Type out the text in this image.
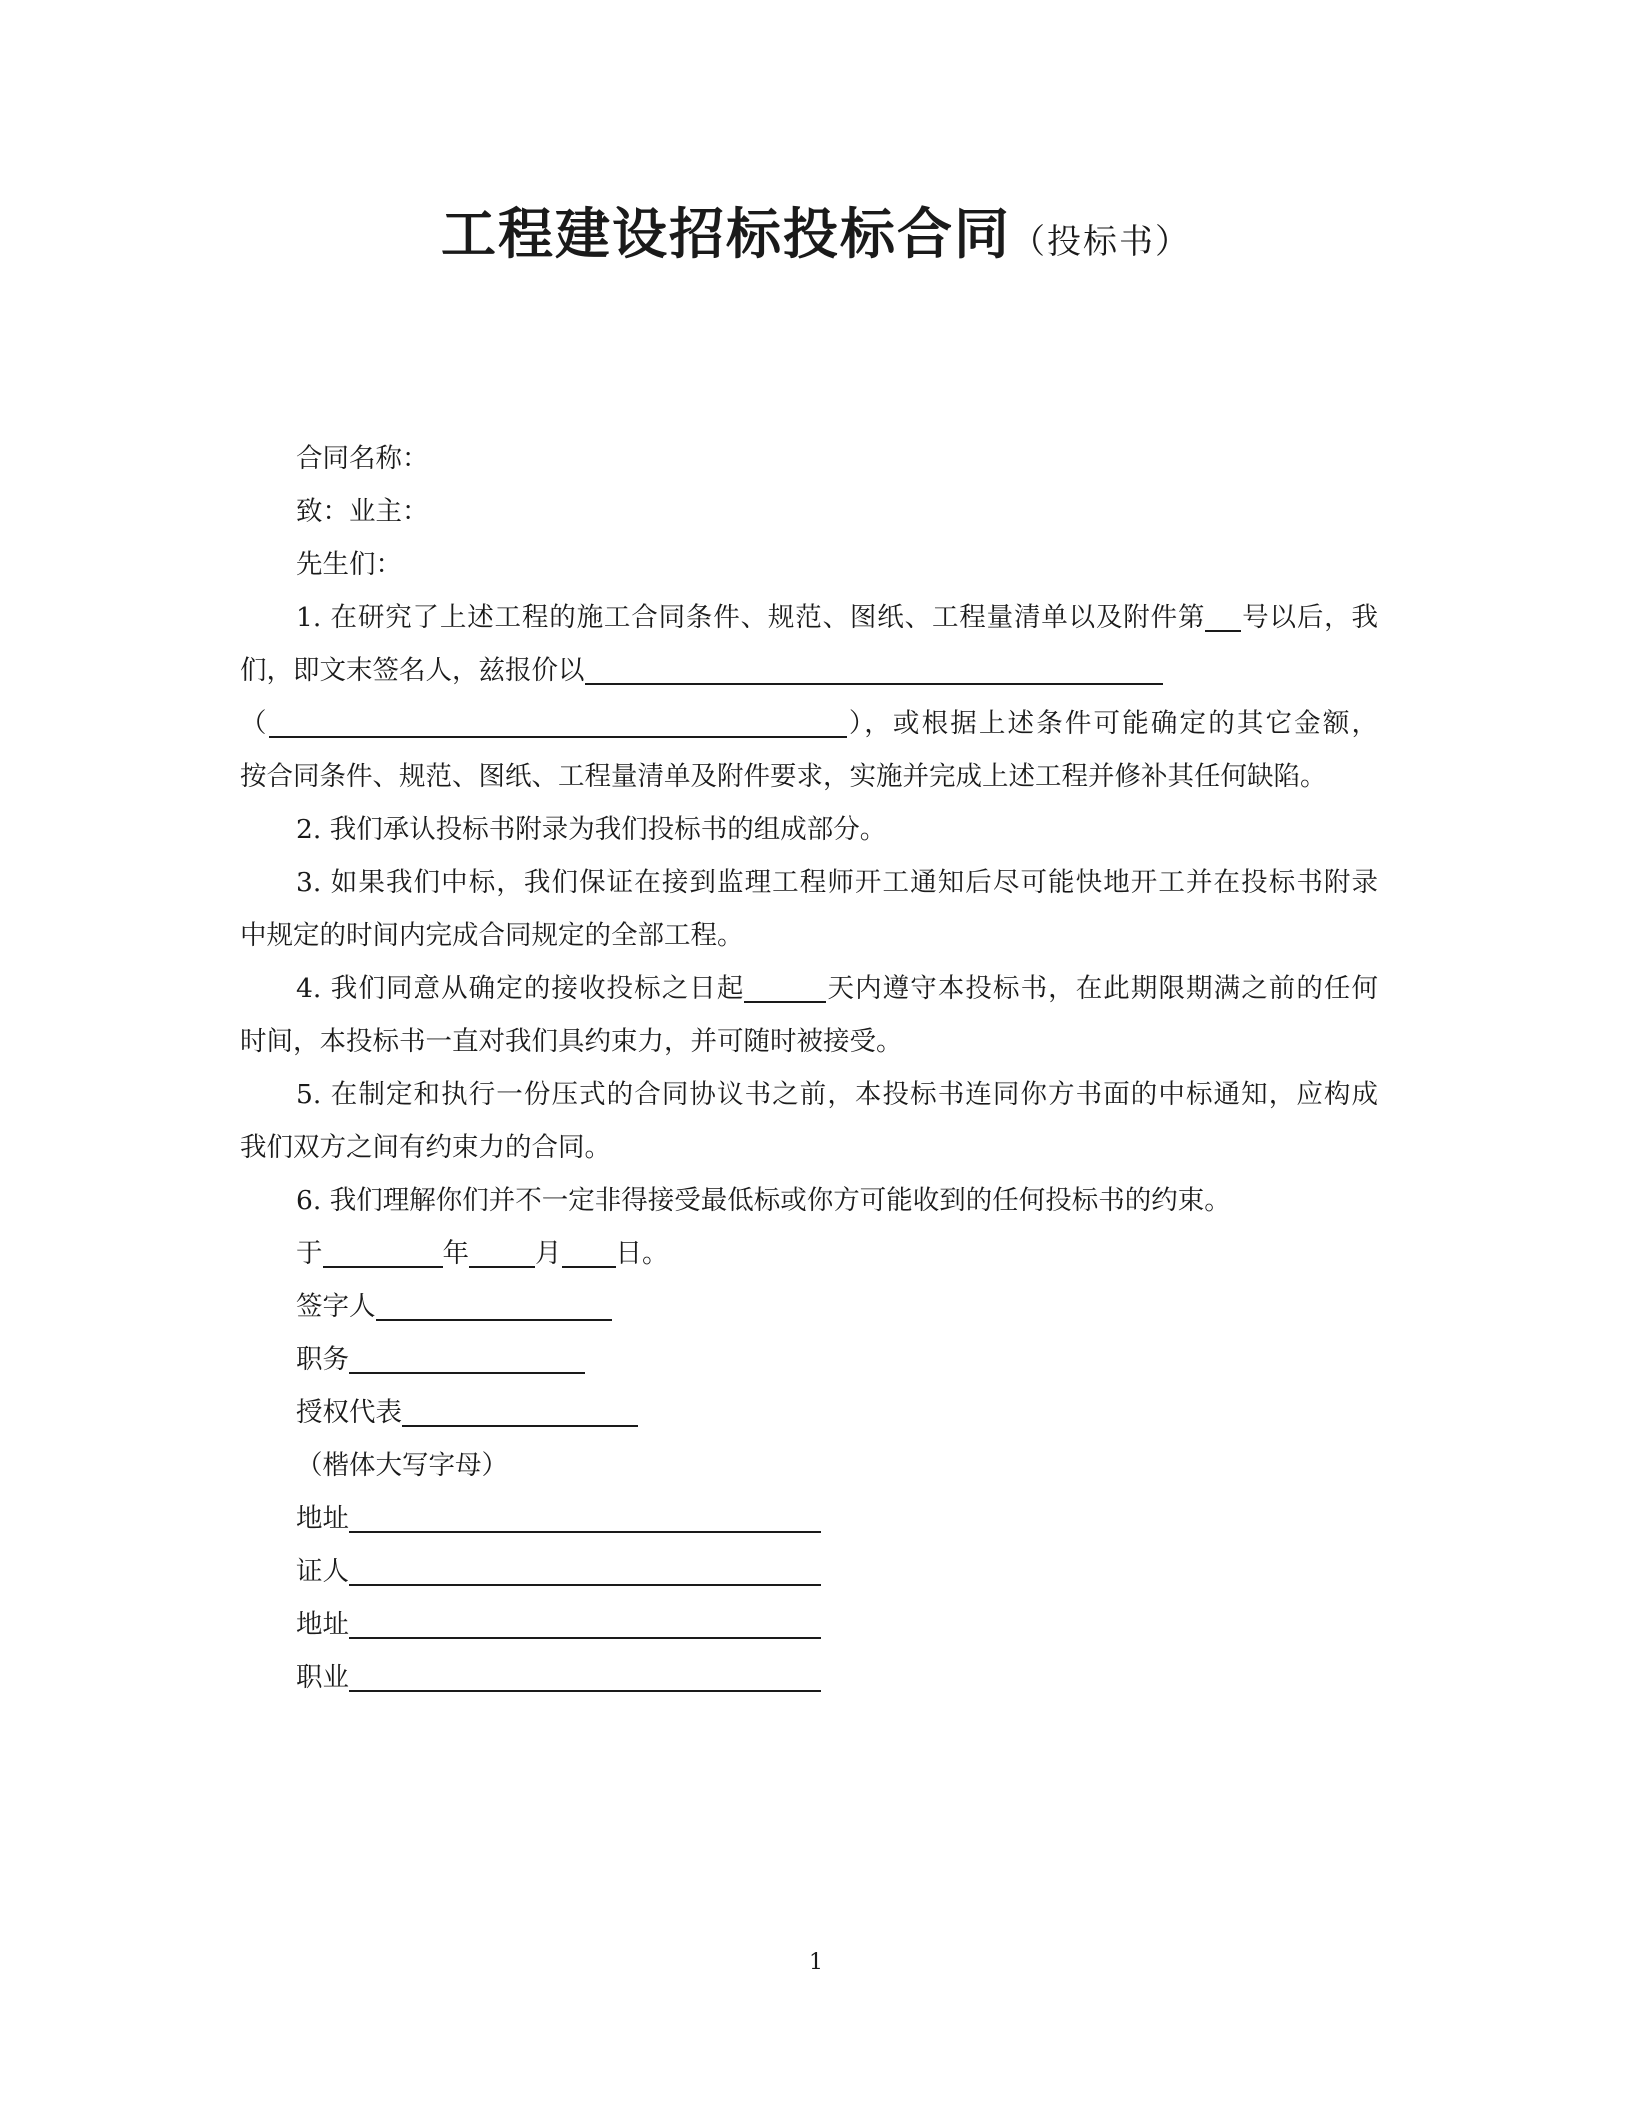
工程建设招标投标合同（投标书）
合同名称：
致：业主：
先生们：
1. 在研究了上述工程的施工合同条件、规范、图纸、工程量清单以及附件第 号以后，我
们，即文末签名人，兹报价以
（	），或根据上述条件可能确定的其它金额，
按合同条件、规范、图纸、工程量清单及附件要求，实施并完成上述工程并修补其任何缺陷。
2. 我们承认投标书附录为我们投标书的组成部分。
3. 如果我们中标，我们保证在接到监理工程师开工通知后尽可能快地开工并在投标书附录
中规定的时间内完成合同规定的全部工程。
4. 我们同意从确定的接收投标之日起	天内遵守本投标书，在此期限期满之前的任何
时间，本投标书一直对我们具约束力，并可随时被接受。
5. 在制定和执行一份压式的合同协议书之前，本投标书连同你方书面的中标通知，应构成
我们双方之间有约束力的合同。
6. 我们理解你们并不一定非得接受最低标或你方可能收到的任何投标书的约束。
于	年 月 日。
签字人
职务
授权代表
（楷体大写字母）
地址
证人
地址
职业
1
